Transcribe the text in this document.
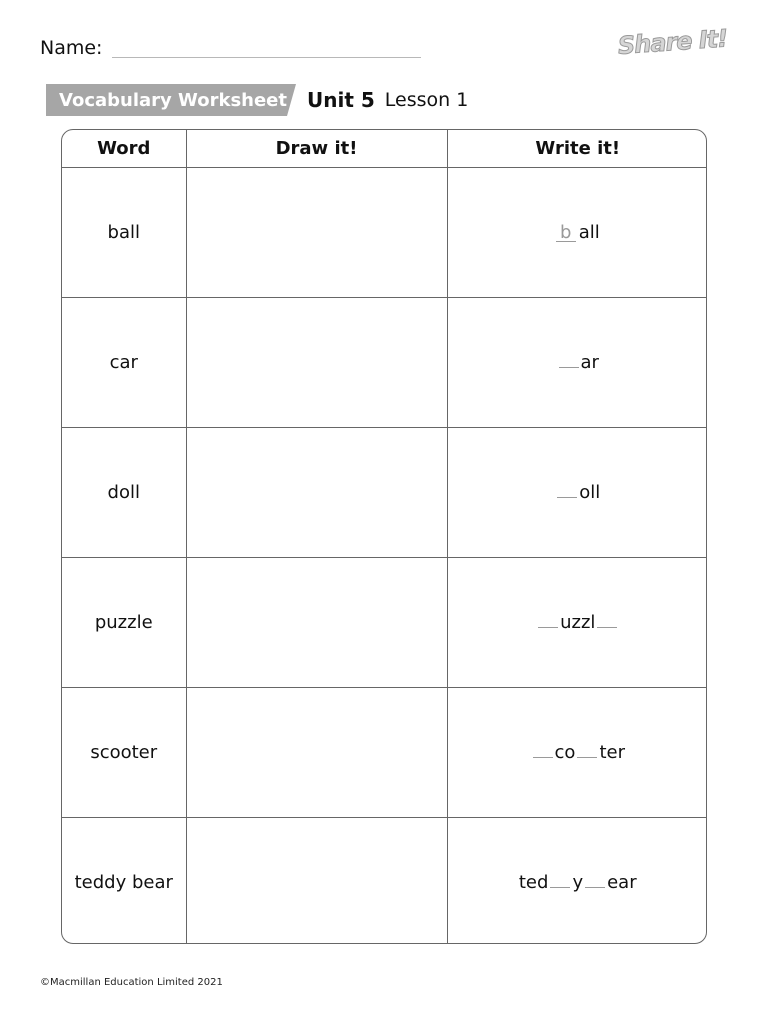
Name:	Share It!
Vocabulary Worksheet	Unit 5 Lesson 1
Word	Draw it!	Write it!
ball		b all
car		ar
doll		oll
puzzle		uzzl
scooter		co ter
teddy bear		ted y ear
©Macmillan Education Limited 2021
